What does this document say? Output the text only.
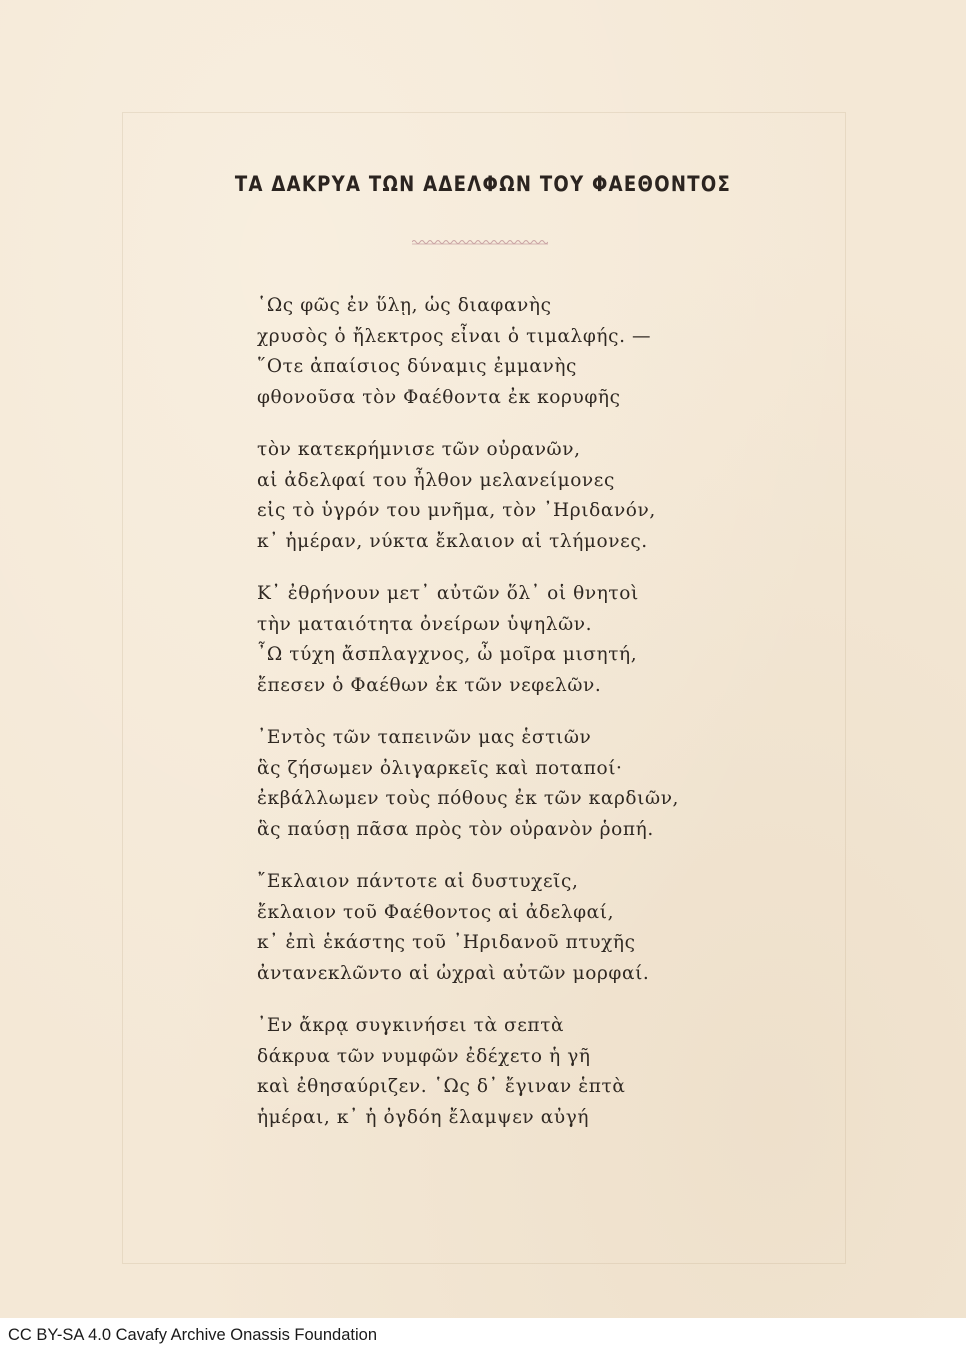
ΤΑ ΔΑΚΡΥΑ ΤΩΝ ΑΔΕΛΦΩΝ ΤΟΥ ΦΑΕΘΟΝΤΟΣ
῾Ως φῶς ἐν ὕλῃ, ὡς διαφανὴς
χρυσὸς ὁ ἤλεκτρος εἶναι ὁ τιμαλφής. —
῞Οτε ἀπαίσιος δύναμις ἐμμανὴς
φθονοῦσα τὸν Φαέθοντα ἐκ κορυφῆς
τὸν κατεκρήμνισε τῶν οὐρανῶν,
αἱ ἀδελφαί του ἦλθον μελανείμονες
εἰς τὸ ὑγρόν του μνῆμα, τὸν ᾿Ηριδανόν,
κ᾿ ἡμέραν, νύκτα ἔκλαιον αἱ τλήμονες.
Κ᾿ ἐθρήνουν μετ᾿ αὐτῶν ὅλ᾿ οἱ θνητοὶ
τὴν ματαιότητα ὀνείρων ὑψηλῶν.
῏Ω τύχη ἄσπλαγχνος, ὦ μοῖρα μισητή,
ἔπεσεν ὁ Φαέθων ἐκ τῶν νεφελῶν.
᾿Εντὸς τῶν ταπεινῶν μας ἑστιῶν
ἃς ζήσωμεν ὀλιγαρκεῖς καὶ ποταποί·
ἐκβάλλωμεν τοὺς πόθους ἐκ τῶν καρδιῶν,
ἃς παύσῃ πᾶσα πρὸς τὸν οὐρανὸν ῥοπή.
῎Εκλαιον πάντοτε αἱ δυστυχεῖς,
ἔκλαιον τοῦ Φαέθοντος αἱ ἀδελφαί,
κ᾿ ἐπὶ ἑκάστης τοῦ ᾿Ηριδανοῦ πτυχῆς
ἀντανεκλῶντο αἱ ὠχραὶ αὐτῶν μορφαί.
᾿Εν ἄκρᾳ συγκινήσει τὰ σεπτὰ
δάκρυα τῶν νυμφῶν ἐδέχετο ἡ γῆ
καὶ ἐθησαύριζεν. ῾Ως δ᾿ ἔγιναν ἑπτὰ
ἡμέραι, κ᾿ ἡ ὀγδόη ἔλαμψεν αὐγή
CC BY-SA 4.0 Cavafy Archive Onassis Foundation
